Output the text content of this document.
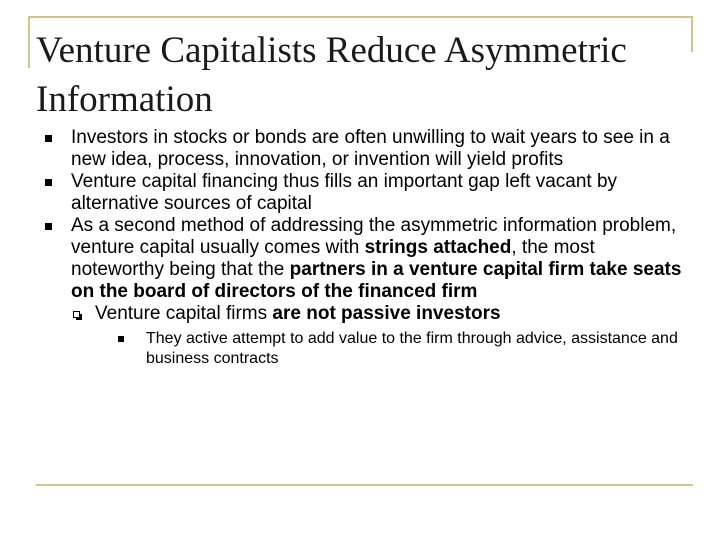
Venture Capitalists Reduce Asymmetric Information
Investors in stocks or bonds are often unwilling to wait years to see in a new idea, process, innovation, or invention will yield profits
Venture capital financing thus fills an important gap left vacant by alternative sources of capital
As a second method of addressing the asymmetric information problem, venture capital usually comes with strings attached, the most noteworthy being that the partners in a venture capital firm take seats on the board of directors of the financed firm
Venture capital firms are not passive investors
They active attempt to add value to the firm through advice, assistance and business contracts
